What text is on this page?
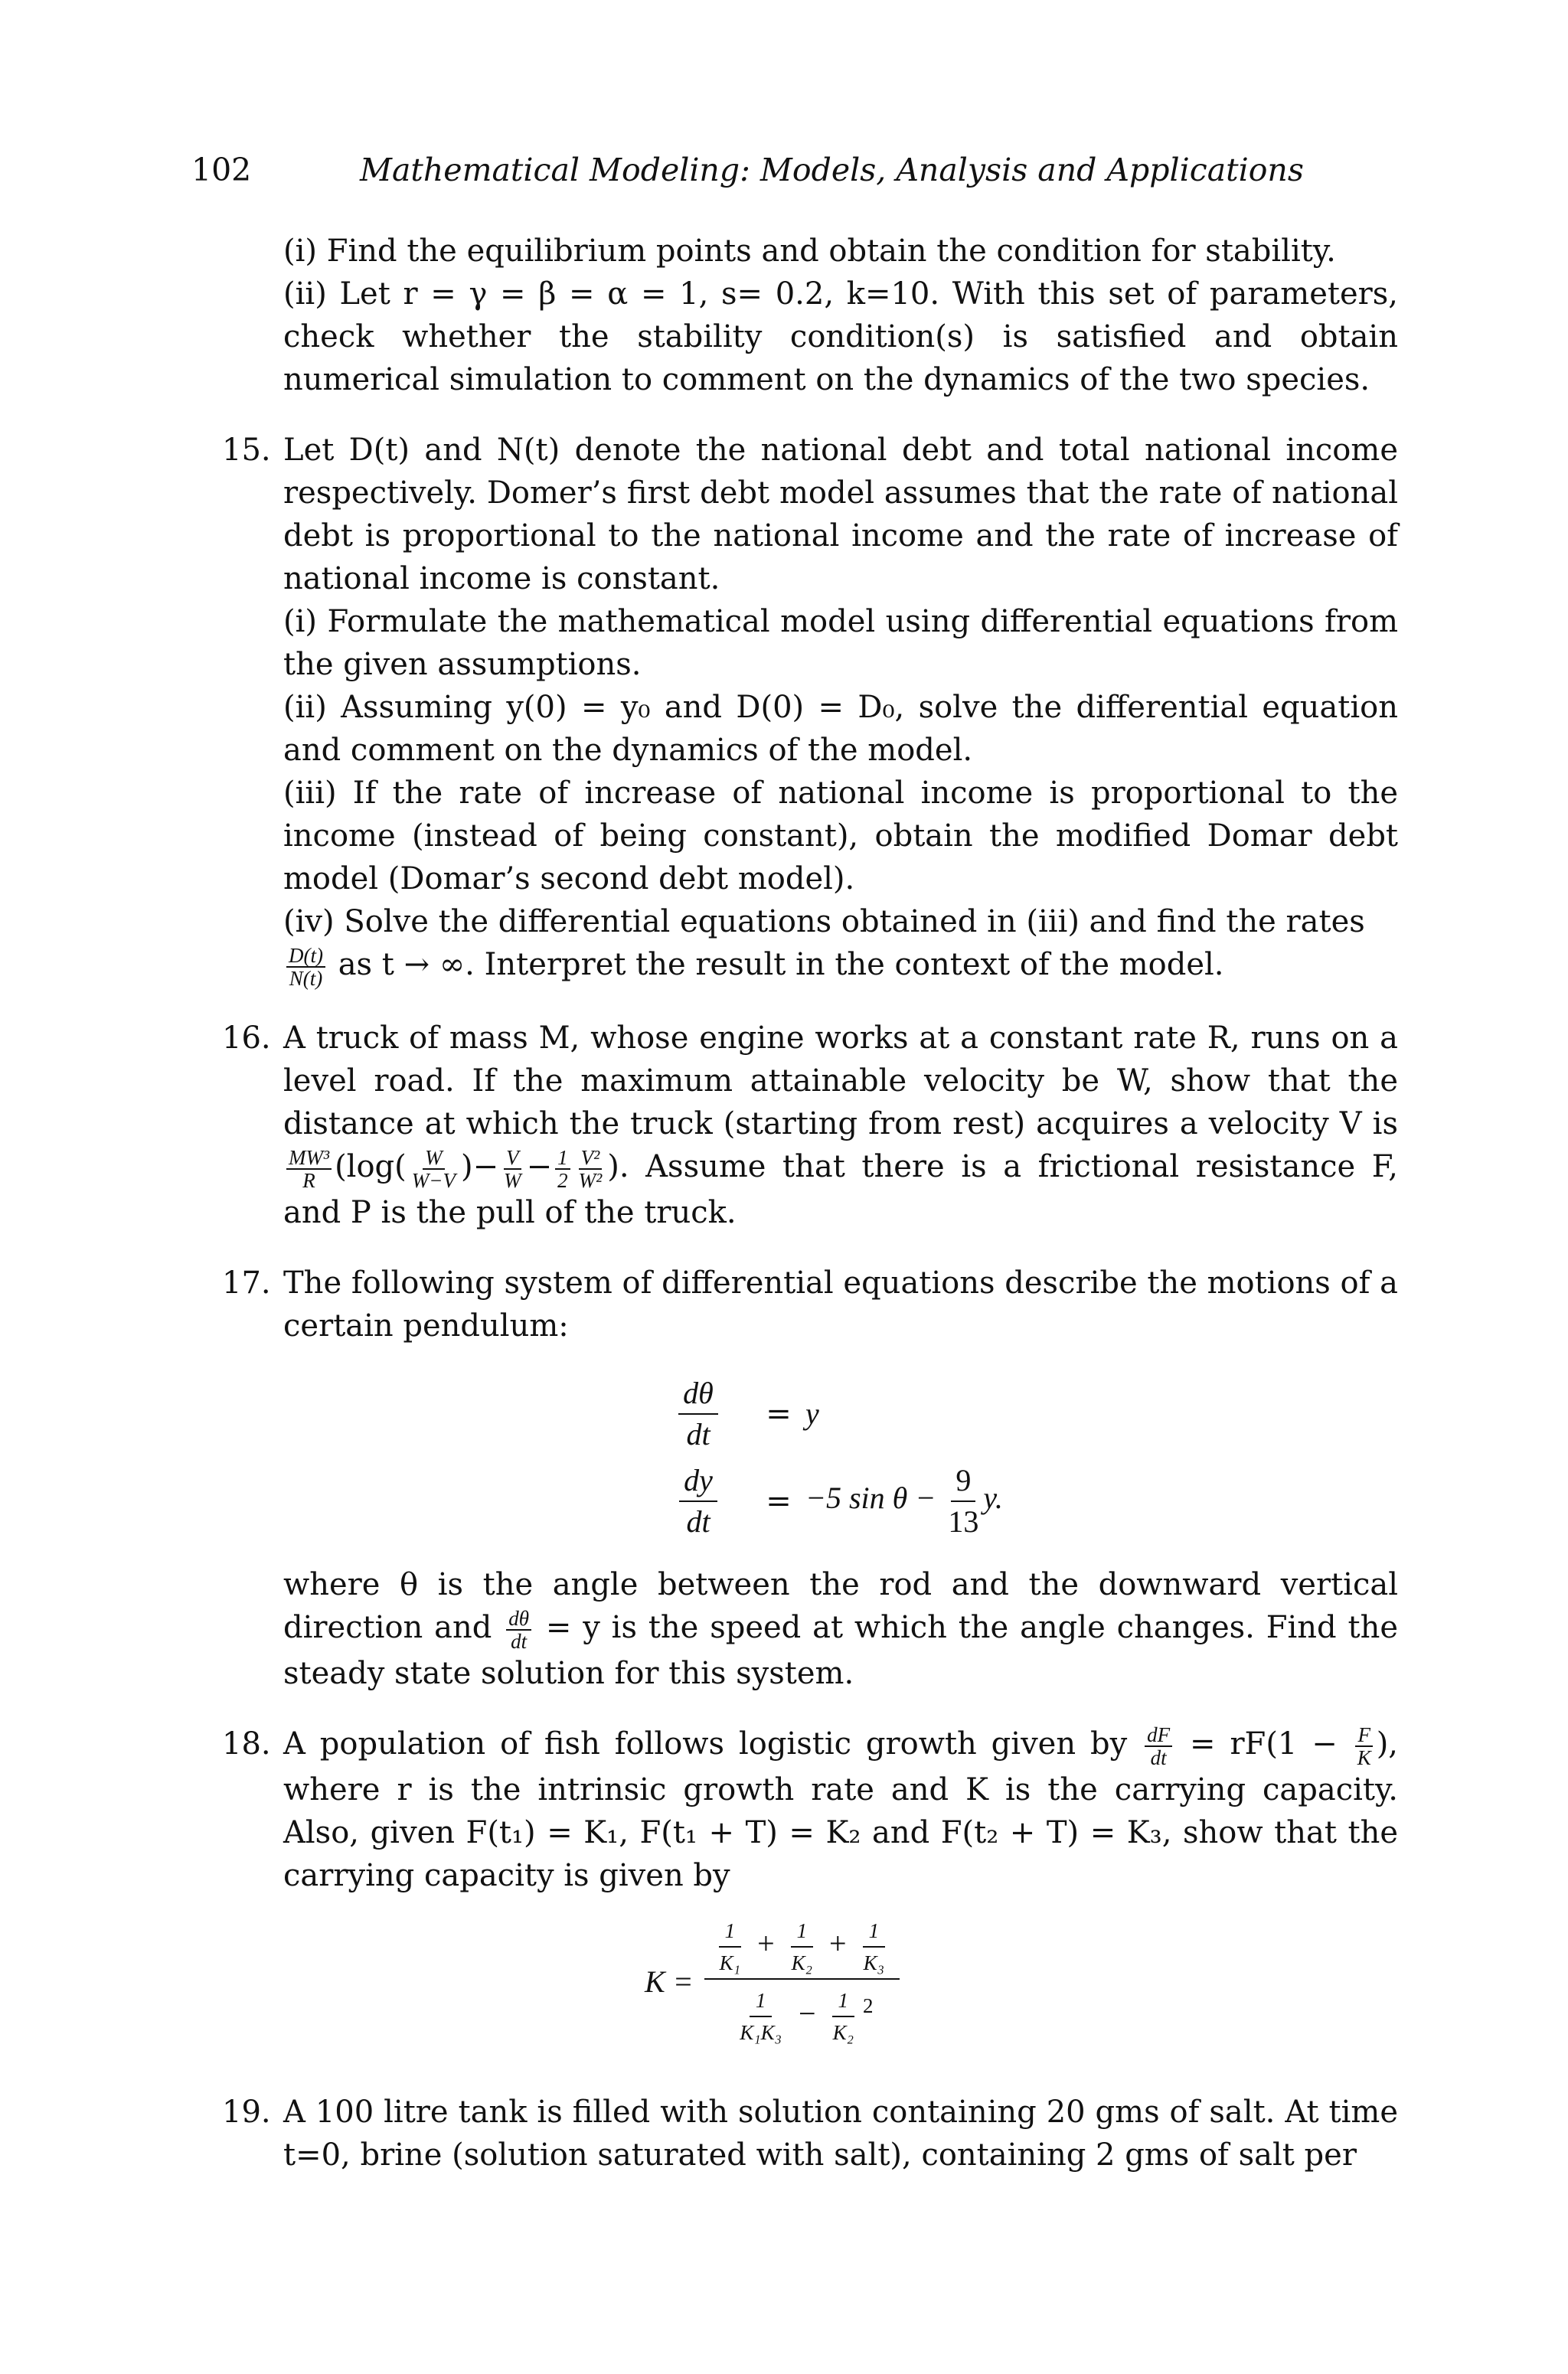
102	Mathematical Modeling: Models, Analysis and Applications

(i) Find the equilibrium points and obtain the condition for stability.

(ii) Let r = γ = β = α = 1, s= 0.2, k=10. With this set of parameters, check whether the stability condition(s) is satisfied and obtain numerical simulation to comment on the dynamics of the two species.

15. Let D(t) and N(t) denote the national debt and total national income respectively. Domer’s first debt model assumes that the rate of national debt is proportional to the national income and the rate of increase of national income is constant.

(i) Formulate the mathematical model using differential equations from the given assumptions.

(ii) Assuming y(0) = y₀ and D(0) = D₀, solve the differential equation and comment on the dynamics of the model.

(iii) If the rate of increase of national income is proportional to the income (instead of being constant), obtain the modified Domar debt model (Domar’s second debt model).

(iv) Solve the differential equations obtained in (iii) and find the rates

$\frac{D(t)}{N(t)}$ as t → ∞. Interpret the result in the context of the model.

16. A truck of mass M, whose engine works at a constant rate R, runs on a level road. If the maximum attainable velocity be W, show that the distance at which the truck (starting from rest) acquires a velocity V is
$\frac{\text{MW³}}{R} (\log( \frac{W}{W-V}$ )− $\frac{V}{W} - \frac{1}{2} \frac{\text{V²}}{\text{W²}}$ ). Assume that there is a frictional resistance F, and P is the pull of the truck.

17. The following system of differential equations describe the motions of a certain pendulum:

$\frac{d\theta}{dt} = y$
$\frac{dy}{dt} = -5$ $\sin \theta - \frac{9}{13} y$.

where θ is the angle between the rod and the downward vertical direction and $\frac{d\theta}{dt} = y$ is the speed at which the angle changes. Find the steady state solution for this system.

18. A population of fish follows logistic growth given by $\frac{dF}{dt} = rF(1 - \frac{F}{K}$ ), where r is the intrinsic growth rate and K is the carrying capacity. Also, given F(t₁) = K₁, F(t₁ + T) = K₂ and F(t₂ + T) = K₃, show that the carrying capacity is given by

K =
$\frac{1}{\text{K₁}} + \frac{1}{\text{K₂}} + \frac{1}{\text{K₃}}$
$\frac{1}{\text{K₁K₃}} - \frac{1}{\text{K₂}} ^2$
19. A 100 litre tank is filled with solution containing 20 gms of salt. At time t=0, brine (solution saturated with salt), containing 2 gms of salt per
